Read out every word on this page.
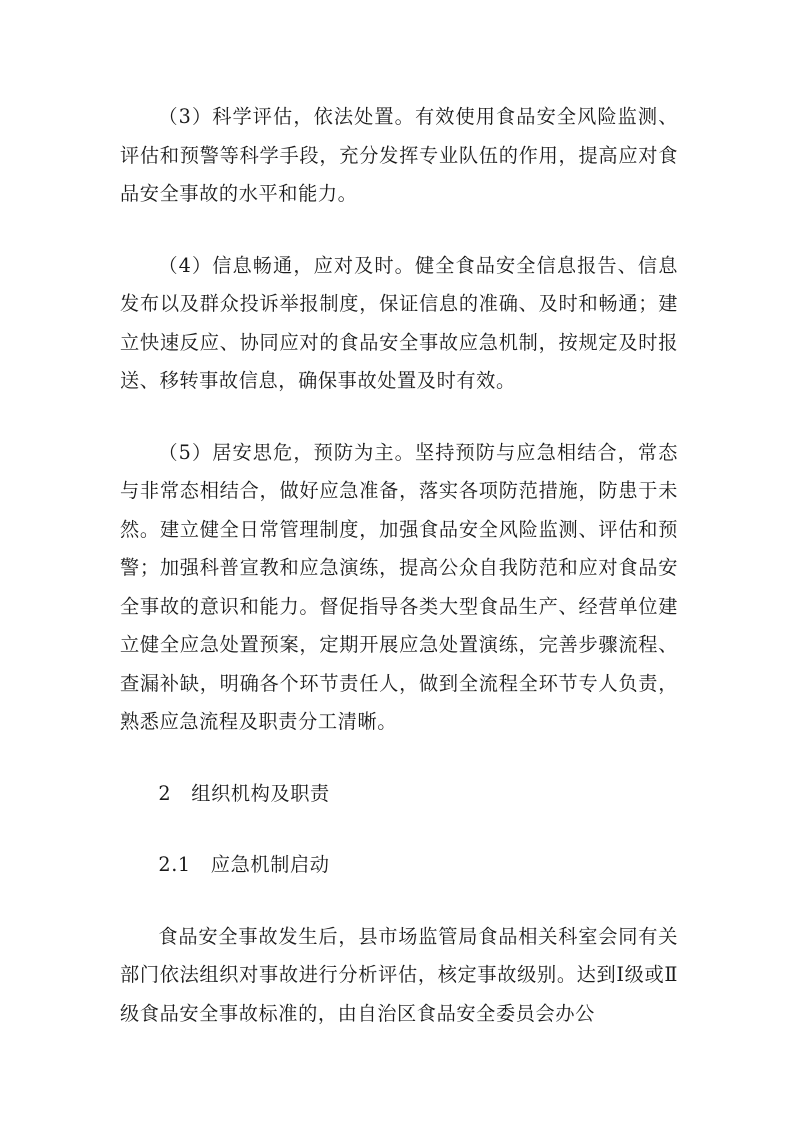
（3）科学评估，依法处置。有效使用食品安全风险监测、评估和预警等科学手段，充分发挥专业队伍的作用，提高应对食品安全事故的水平和能力。

（4）信息畅通，应对及时。健全食品安全信息报告、信息发布以及群众投诉举报制度，保证信息的准确、及时和畅通；建立快速反应、协同应对的食品安全事故应急机制，按规定及时报送、移转事故信息，确保事故处置及时有效。

（5）居安思危，预防为主。坚持预防与应急相结合，常态与非常态相结合，做好应急准备，落实各项防范措施，防患于未然。建立健全日常管理制度，加强食品安全风险监测、评估和预警；加强科普宣教和应急演练，提高公众自我防范和应对食品安全事故的意识和能力。督促指导各类大型食品生产、经营单位建立健全应急处置预案，定期开展应急处置演练，完善步骤流程、查漏补缺，明确各个环节责任人，做到全流程全环节专人负责，熟悉应急流程及职责分工清晰。

2   组织机构及职责

2.1   应急机制启动

食品安全事故发生后，县市场监管局食品相关科室会同有关部门依法组织对事故进行分析评估，核定事故级别。达到Ⅰ级或Ⅱ级食品安全事故标准的，由自治区食品安全委员会办公
